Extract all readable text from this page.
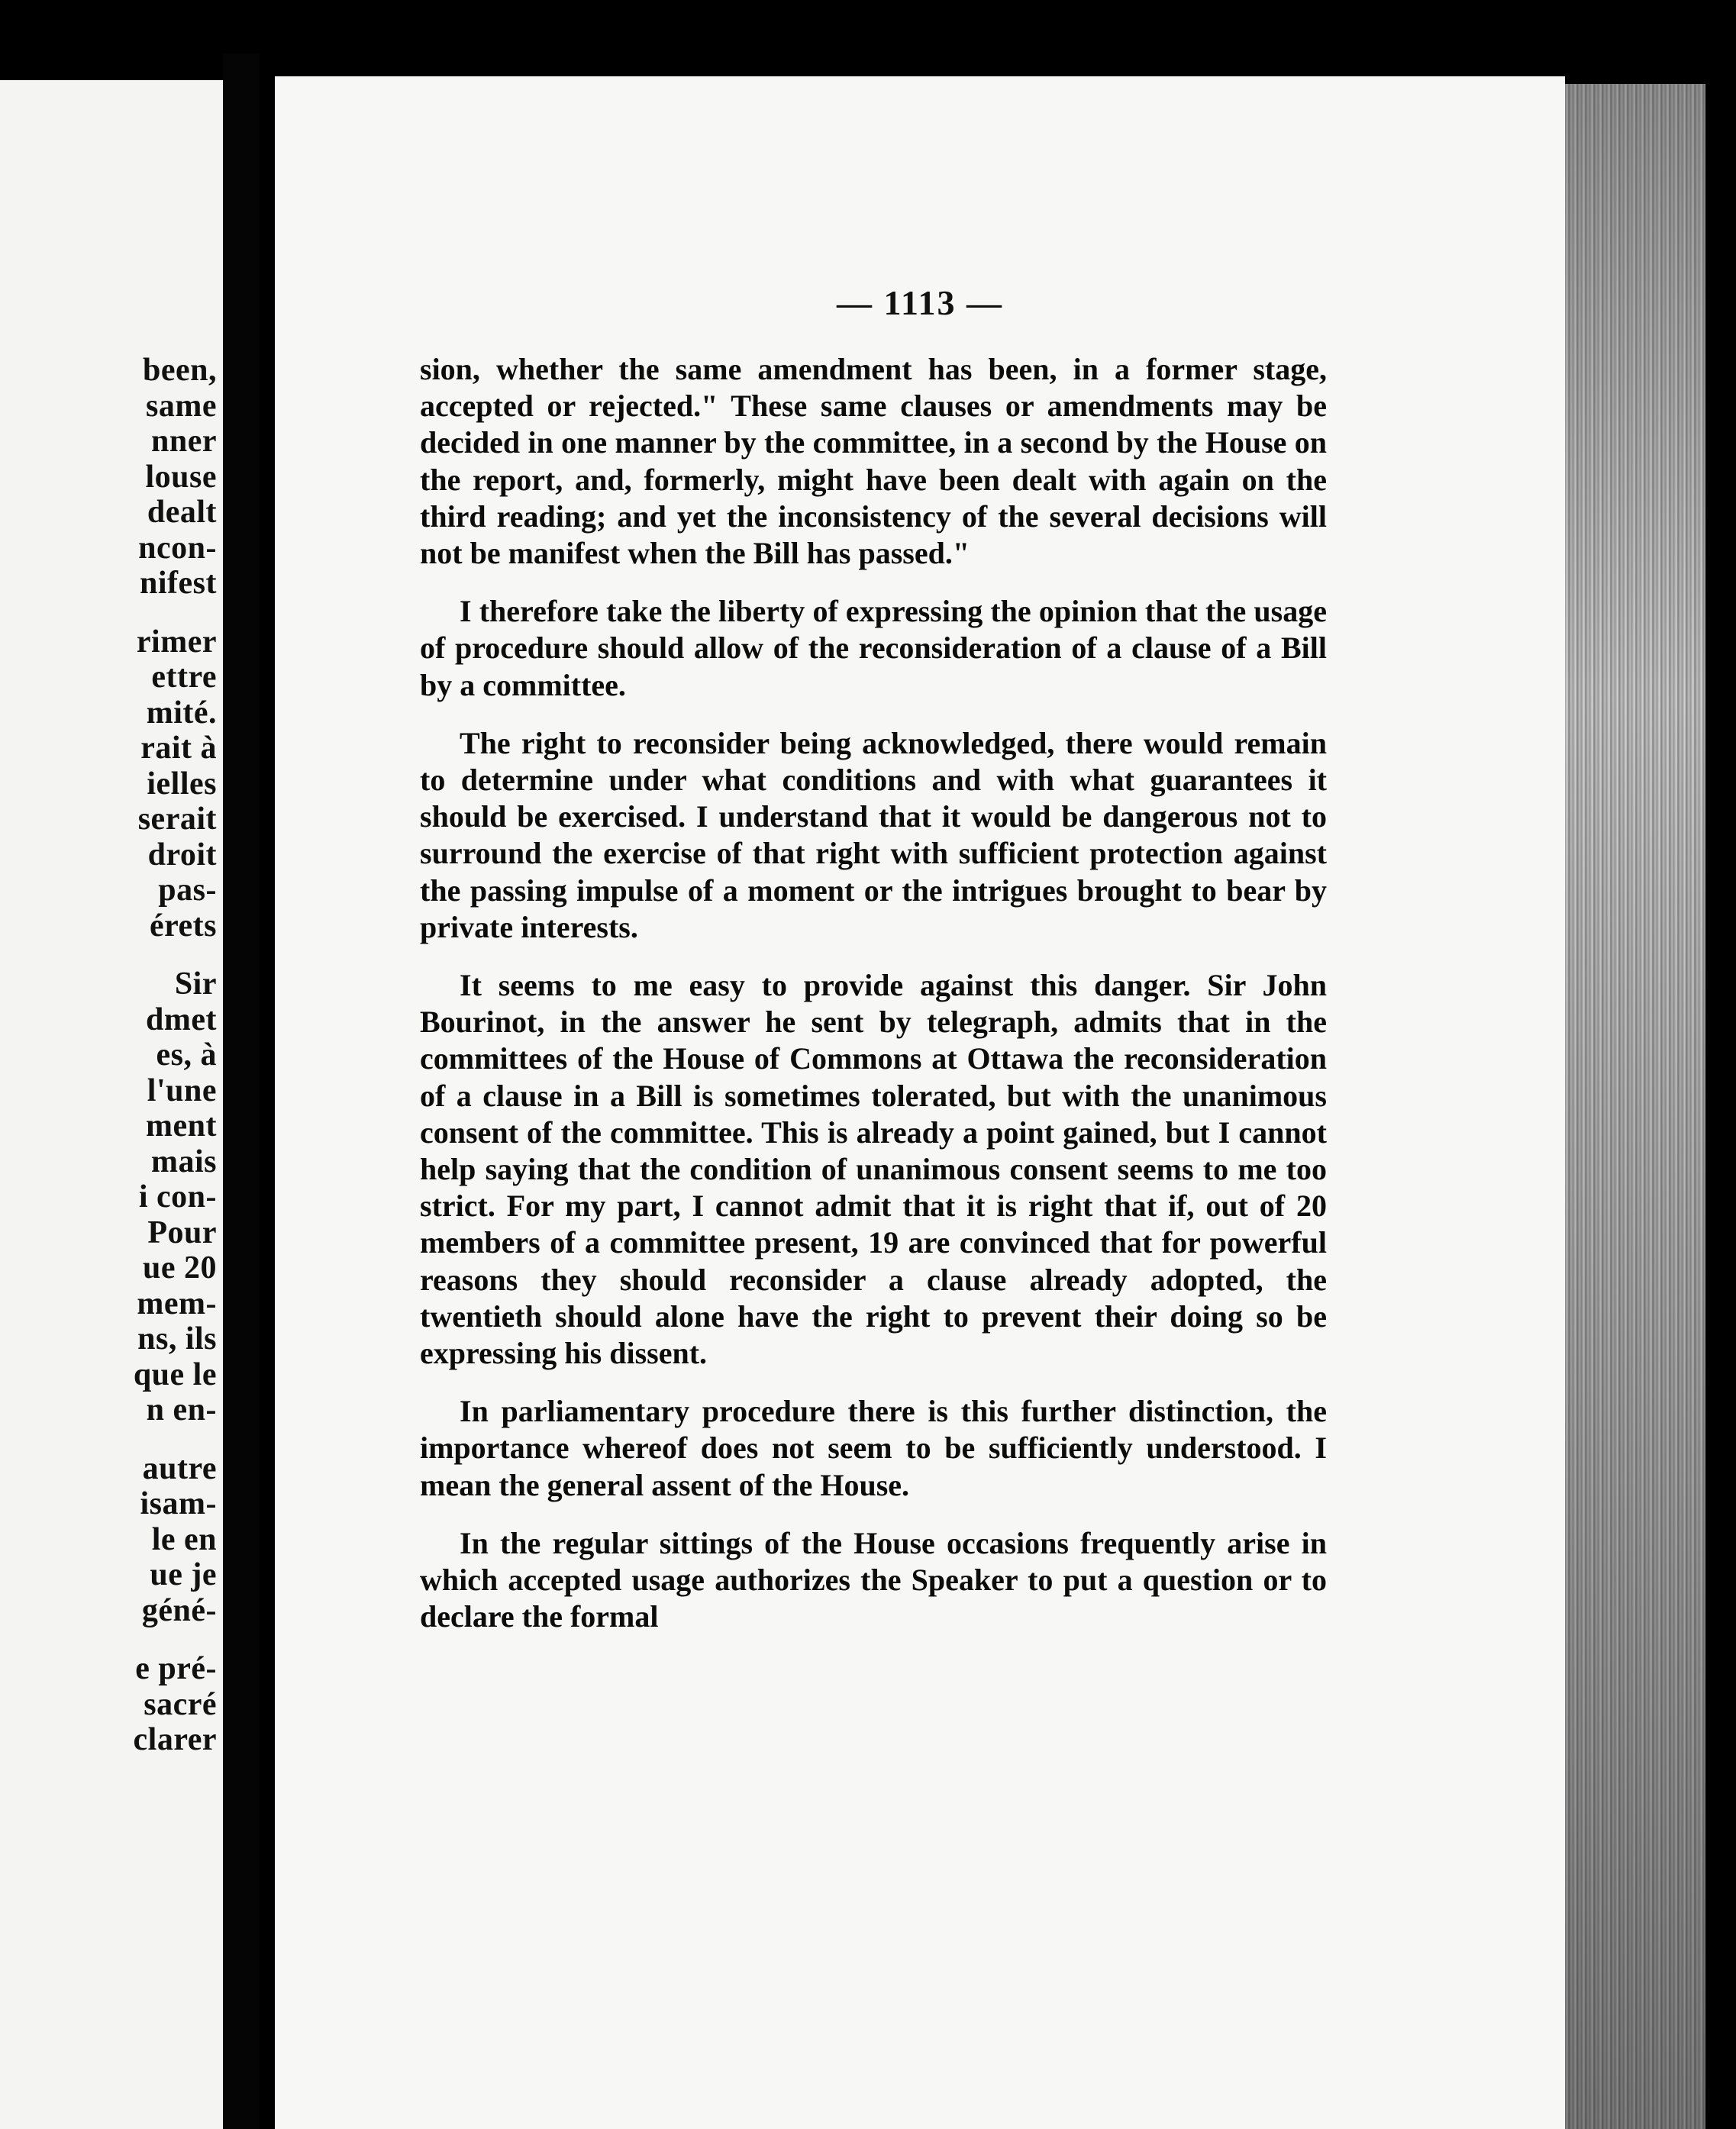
been,
same
nner
louse
dealt
ncon-
nifest
rimer
ettre
mité.
rait à
ielles
serait
droit
pas-
érets
Sir
dmet
es, à
l'une
ment
mais
i con-
Pour
ue 20
mem-
ns, ils
que le
n en-
autre
isam-
le en
ue je
géné-
e pré-
sacré
clarer
— 1113 —

sion, whether the same amendment has been, in a former stage, accepted or rejected." These same clauses or amendments may be decided in one manner by the committee, in a second by the House on the report, and, formerly, might have been dealt with again on the third reading; and yet the inconsistency of the several decisions will not be manifest when the Bill has passed."

I therefore take the liberty of expressing the opinion that the usage of procedure should allow of the reconsideration of a clause of a Bill by a committee.

The right to reconsider being acknowledged, there would remain to determine under what conditions and with what guarantees it should be exercised. I understand that it would be dangerous not to surround the exercise of that right with sufficient protection against the passing impulse of a moment or the intrigues brought to bear by private interests.

It seems to me easy to provide against this danger. Sir John Bourinot, in the answer he sent by telegraph, admits that in the committees of the House of Commons at Ottawa the reconsideration of a clause in a Bill is sometimes tolerated, but with the unanimous consent of the committee. This is already a point gained, but I cannot help saying that the condition of unanimous consent seems to me too strict. For my part, I cannot admit that it is right that if, out of 20 members of a committee present, 19 are convinced that for powerful reasons they should reconsider a clause already adopted, the twentieth should alone have the right to prevent their doing so be expressing his dissent.

In parliamentary procedure there is this further distinction, the importance whereof does not seem to be sufficiently understood. I mean the general assent of the House.

In the regular sittings of the House occasions frequently arise in which accepted usage authorizes the Speaker to put a question or to declare the formal
